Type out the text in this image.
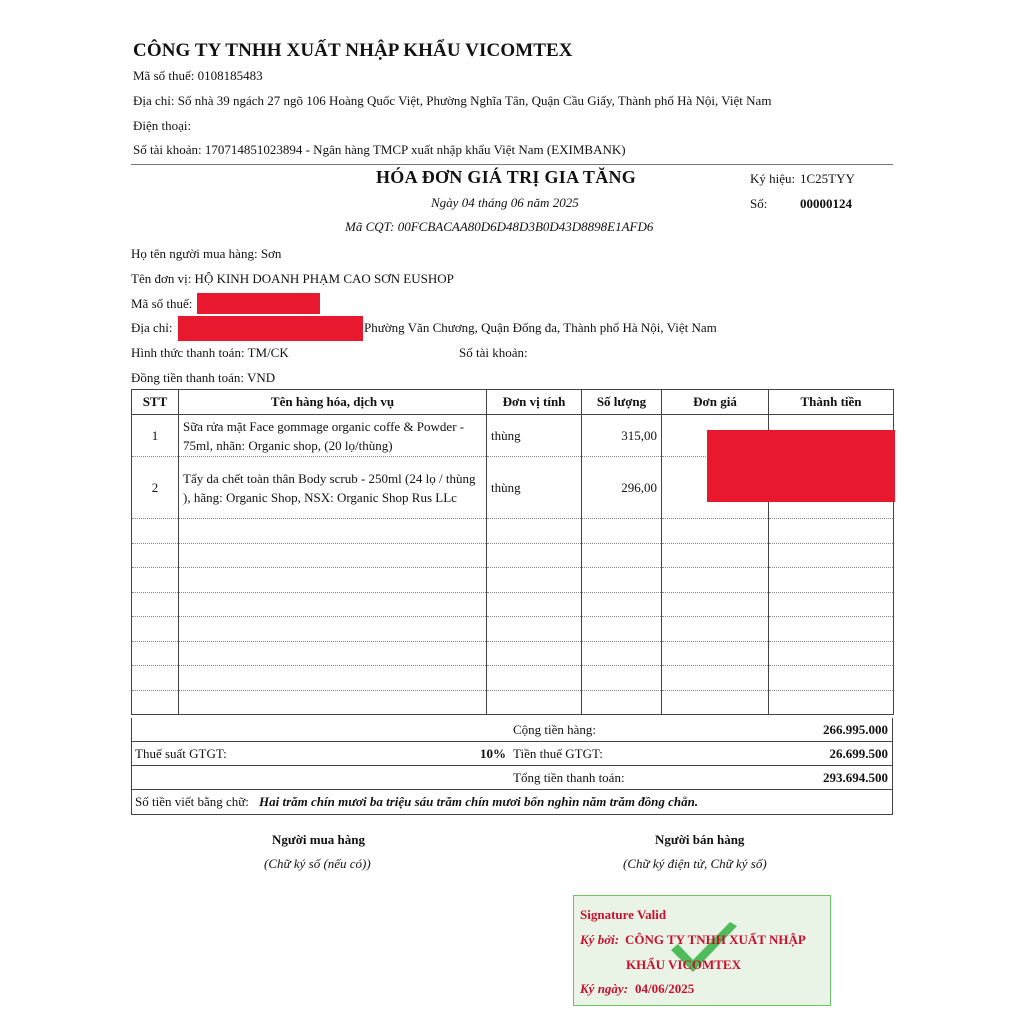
CÔNG TY TNHH XUẤT NHẬP KHẨU VICOMTEX
Mã số thuế: 0108185483
Địa chỉ: Số nhà 39 ngách 27 ngõ 106 Hoàng Quốc Việt, Phường Nghĩa Tân, Quận Cầu Giấy, Thành phố Hà Nội, Việt Nam
Điện thoại:
Số tài khoản: 170714851023894 - Ngân hàng TMCP xuất nhập khẩu Việt Nam (EXIMBANK)
HÓA ĐƠN GIÁ TRỊ GIA TĂNG
Ngày 04 tháng 06 năm 2025
Mã CQT: 00FCBACAA80D6D48D3B0D43D8898E1AFD6
Ký hiệu: 1C25TYY
Số:	00000124
Họ tên người mua hàng: Sơn
Tên đơn vị: HỘ KINH DOANH PHẠM CAO SƠN EUSHOP
Mã số thuế:
Địa chỉ:	Phường Văn Chương, Quận Đống đa, Thành phố Hà Nội, Việt Nam
Hình thức thanh toán: TM/CK	Số tài khoản:
Đồng tiền thanh toán: VND
STT	Tên hàng hóa, dịch vụ	Đơn vị tính	Số lượng	Đơn giá	Thành tiền
1	Sữa rửa mặt Face gommage organic coffe & Powder - 75ml, nhãn: Organic shop, (20 lọ/thùng)	thùng	315,00		
2	Tẩy da chết toàn thân Body scrub - 250ml (24 lọ / thùng ), hãng: Organic Shop, NSX: Organic Shop Rus LLc	thùng	296,00		

Cộng tiền hàng:	266.995.000
Thuế suất GTGT:	10% Tiền thuế GTGT:	26.699.500
Tổng tiền thanh toán:	293.694.500
Số tiền viết bằng chữ: Hai trăm chín mươi ba triệu sáu trăm chín mươi bốn nghìn năm trăm đồng chẵn.
Người mua hàng
(Chữ ký số (nếu có))
Người bán hàng
(Chữ ký điện tử, Chữ ký số)
Signature Valid
Ký bởi: CÔNG TY TNHH XUẤT NHẬP
KHẨU VICOMTEX
Ký ngày: 04/06/2025
